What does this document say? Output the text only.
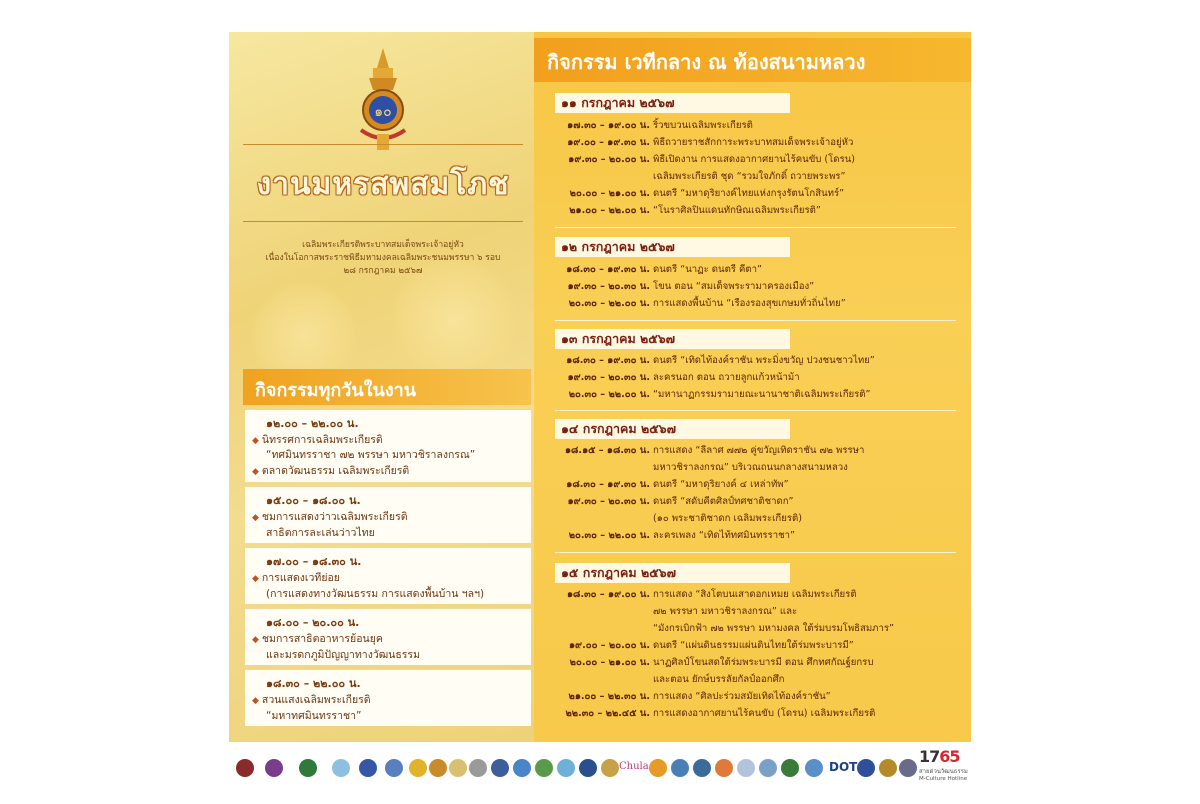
๑๐
งานมหรสพสมโภช
เฉลิมพระเกียรติพระบาทสมเด็จพระเจ้าอยู่หัว
เนื่องในโอกาสพระราชพิธีมหามงคลเฉลิมพระชนมพรรษา ๖ รอบ
๒๘ กรกฎาคม ๒๕๖๗
กิจกรรมทุกวันในงาน
๑๒.๐๐ – ๒๒.๐๐ น.
◆ นิทรรศการเฉลิมพระเกียรติ
“ทศมินทรราชา ๗๒ พรรษา มหาวชิราลงกรณ”
◆ ตลาดวัฒนธรรม เฉลิมพระเกียรติ
๑๕.๐๐ – ๑๘.๐๐ น.
◆ ชมการแสดงว่าวเฉลิมพระเกียรติ
สาธิตการละเล่นว่าวไทย
๑๗.๐๐ – ๑๘.๓๐ น.
◆ การแสดงเวทีย่อย
(การแสดงทางวัฒนธรรม การแสดงพื้นบ้าน ฯลฯ)
๑๘.๐๐ – ๒๐.๐๐ น.
◆ ชมการสาธิตอาหารย้อนยุค
และมรดกภูมิปัญญาทางวัฒนธรรม
๑๘.๓๐ – ๒๒.๐๐ น.
◆ สวนแสงเฉลิมพระเกียรติ
“มหาทศมินทรราชา”
กิจกรรม เวทีกลาง ณ ท้องสนามหลวง
๑๑ กรกฎาคม ๒๕๖๗
๑๗.๓๐ – ๑๙.๐๐ น. ริ้วขบวนเฉลิมพระเกียรติ
๑๙.๐๐ – ๑๙.๓๐ น. พิธีถวายราชสักการะพระบาทสมเด็จพระเจ้าอยู่หัว
๑๙.๓๐ – ๒๐.๐๐ น. พิธีเปิดงาน การแสดงอากาศยานไร้คนขับ (โดรน)
เฉลิมพระเกียรติ ชุด “รวมใจภักดิ์ ถวายพระพร”
๒๐.๐๐ – ๒๑.๐๐ น. ดนตรี “มหาดุริยางค์ไทยแห่งกรุงรัตนโกสินทร์”
๒๑.๐๐ – ๒๒.๐๐ น. “โนราศิลปินแดนทักษิณเฉลิมพระเกียรติ”
๑๒ กรกฎาคม ๒๕๖๗
๑๘.๓๐ – ๑๙.๓๐ น. ดนตรี “นาฏะ ดนตรี คีตา”
๑๙.๓๐ – ๒๐.๓๐ น. โขน ตอน “สมเด็จพระรามาครองเมือง”
๒๐.๓๐ – ๒๒.๐๐ น. การแสดงพื้นบ้าน “เรืองรองสุขเกษมทั่วถิ่นไทย”
๑๓ กรกฎาคม ๒๕๖๗
๑๘.๓๐ – ๑๙.๓๐ น. ดนตรี “เทิดไท้องค์ราชัน พระมิ่งขวัญ ปวงชนชาวไทย”
๑๙.๓๐ – ๒๐.๓๐ น. ละครนอก ตอน ถวายลูกแก้วหน้าม้า
๒๐.๓๐ – ๒๒.๐๐ น. “มหานาฏกรรมรามายณะนานาชาติเฉลิมพระเกียรติ”
๑๔ กรกฎาคม ๒๕๖๗
๑๘.๑๕ – ๑๘.๓๐ น. การแสดง “ลีลาศ ๗๗๒ คู่ขวัญเทิดราชัน ๗๒ พรรษา
มหาวชิราลงกรณ” บริเวณถนนกลางสนามหลวง
๑๘.๓๐ – ๑๙.๓๐ น. ดนตรี “มหาดุริยางค์ ๔ เหล่าทัพ”
๑๙.๓๐ – ๒๐.๓๐ น. ดนตรี “สดับคีตศิลป์ทศชาติชาดก”
(๑๐ พระชาติชาดก เฉลิมพระเกียรติ)
๒๐.๓๐ – ๒๒.๐๐ น. ละครเพลง “เทิดไท้ทศมินทรราชา”
๑๕ กรกฎาคม ๒๕๖๗
๑๘.๓๐ – ๑๙.๐๐ น. การแสดง “สิงโตบนเสาดอกเหมย เฉลิมพระเกียรติ
๗๒ พรรษา มหาวชิราลงกรณ” และ
“มังกรเบิกฟ้า ๗๒ พรรษา มหามงคล ใต้ร่มบรมโพธิสมภาร”
๑๙.๐๐ – ๒๐.๐๐ น. ดนตรี “แผ่นดินธรรมแผ่นดินไทยใต้ร่มพระบารมี”
๒๐.๐๐ – ๒๑.๐๐ น. นาฏศิลป์โขนสดใต้ร่มพระบารมี ตอน ศึกทศกัณฐ์ยกรบ
และตอน ยักษ์บรรลัยกัลป์ออกศึก
๒๑.๐๐ – ๒๒.๓๐ น. การแสดง “ศิลปะร่วมสมัยเทิดไท้องค์ราชัน”
๒๒.๓๐ – ๒๒.๔๕ น. การแสดงอากาศยานไร้คนขับ (โดรน) เฉลิมพระเกียรติ
Chula	DOT
1765
สายด่วนวัฒนธรรม
M-Culture Hotline
